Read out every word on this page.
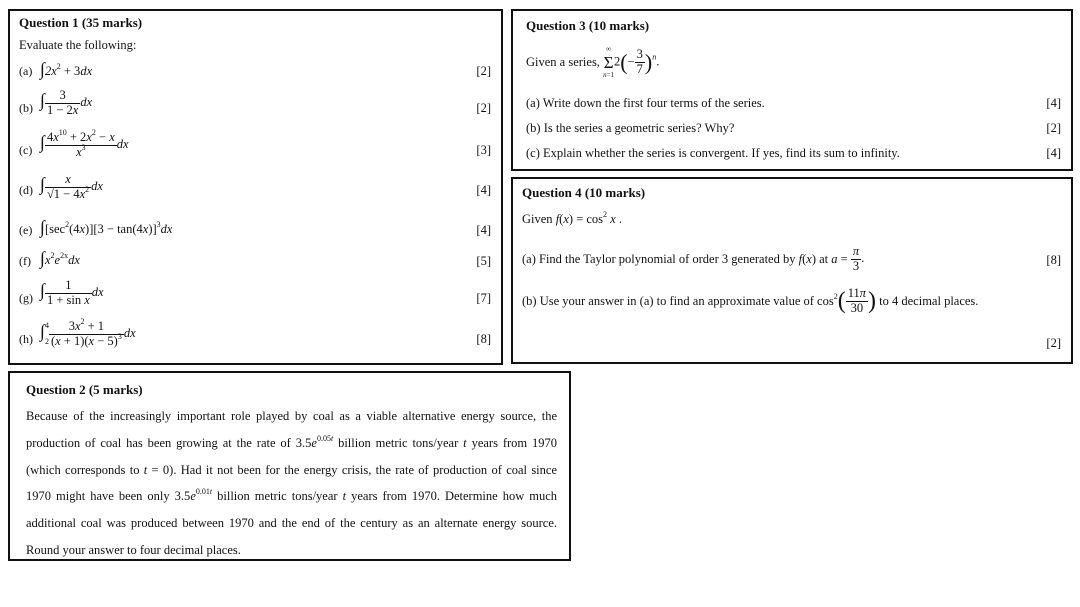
Question 1 (35 marks)
Evaluate the following:
(a) $\int 2x^2 + 3dx$	[2]
(b) ∫ $\frac{3}{1 - 2x}$ dx	[2]
(c) ∫ $\frac{4x^{10} + 2x^2 - x}{x^3}$ dx	[3]
(d) ∫ $\frac{x}{√1 - 4x^2}$ dx	[4]
(e) $\int[\sec^2(4x)][3 - \tan(4x)]^3dx$	[4]
(f) $\int x^2e^{2x}dx$	[5]
(g) ∫ $\frac{1}{\text{1 + sin x}}$ dx	[7]
(h) ∫4
$2 \frac{3x^2 + 1}{(x + 1)(x - 5)^3}$ dx	[8]
Question 3 (10 marks)
Given a series, ∞
Σ
$n=12(- \frac{3}{7} )^n$.
(a) Write down the first four terms of the series.	[4]
(b) Is the series a geometric series? Why?	[2]
(c) Explain whether the series is convergent. If yes, find its sum to infinity.	[4]
Question 4 (10 marks)
Given $f(x) = \cos^2 x$ .
(a) Find the Taylor polynomial of order 3 generated by f(x) at $a = \frac{\pi}{3}$ .	[8]
(b) Use your answer in (a) to find an approximate value of $\cos^2( \frac{11\pi}{30}$ ) to 4 decimal places.
[2]
Question 2 (5 marks)
Because of the increasingly important role played by coal as a viable alternative energy source, the production of coal has been growing at the rate of $3.5e^{0.05t}$ billion metric tons/year t years from 1970 (which corresponds to t = 0). Had it not been for the energy crisis, the rate of production of coal since 1970 might have been only $3.5e^{0.01t}$ billion metric tons/year t years from 1970. Determine how much additional coal was produced between 1970 and the end of the century as an alternate energy source. Round your answer to four decimal places.
